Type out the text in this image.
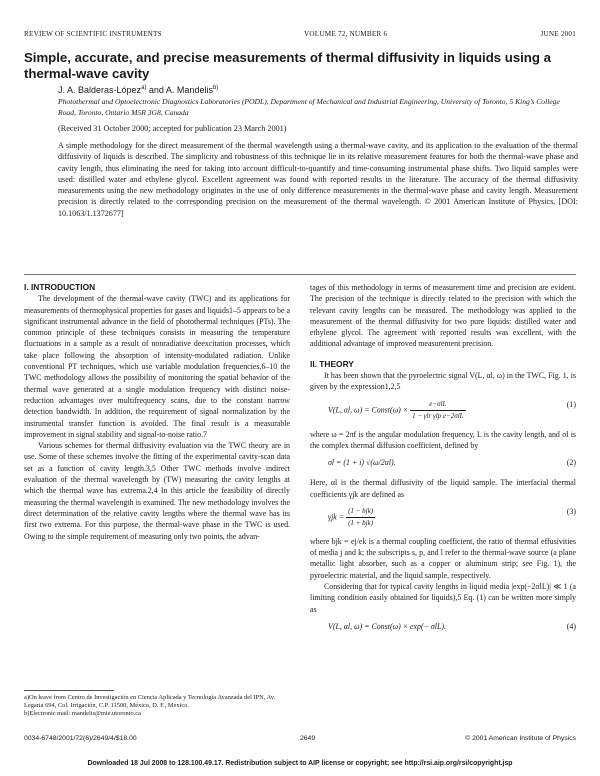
REVIEW OF SCIENTIFIC INSTRUMENTS	VOLUME 72, NUMBER 6	JUNE 2001
Simple, accurate, and precise measurements of thermal diffusivity in liquids using a thermal-wave cavity
J. A. Balderas-López$^{a)}$ and A. Mandelis$^{b)}$
Photothermal and Optoelectronic Diagnostics Laboratories (PODL), Department of Mechanical and Industrial Engineering, University of Toronto, 5 King’s College Road, Toronto, Ontario M5R 3G8, Canada
(Received 31 October 2000; accepted for publication 23 March 2001)

A simple methodology for the direct measurement of the thermal wavelength using a thermal-wave cavity, and its application to the evaluation of the thermal diffusivity of liquids is described. The simplicity and robustness of this technique lie in its relative measurement features for both the thermal-wave phase and cavity length, thus eliminating the need for taking into account difficult-to-quantify and time-consuming instrumental phase shifts. Two liquid samples were used: distilled water and ethylene glycol. Excellent agreement was found with reported results in the literature. The accuracy of the thermal diffusivity measurements using the new methodology originates in the use of only difference measurements in the thermal-wave phase and cavity length. Measurement precision is directly related to the corresponding precision on the measurement of the thermal wavelength. © 2001 American Institute of Physics. [DOI: 10.1063/1.1372677]

I. INTRODUCTION

The development of the thermal-wave cavity (TWC) and its applications for measurements of thermophysical properties for gases and liquids1–5 appears to be a significant instrumental advance in the field of photothermal techniques (PTs). The common principle of these techniques consists in measuring the temperature fluctuations in a sample as a result of nonradiative deexcitation processes, which take place following the absorption of intensity-modulated radiation. Unlike conventional PT techniques, which use variable modulation frequencies,6–10 the TWC methodology allows the possibility of monitoring the spatial behavior of the thermal wave generated at a single modulation frequency with distinct noise-reduction advantages over multifrequency scans, due to the constant narrow detection bandwidth. In addition, the requirement of signal normalization by the instrumental transfer function is avoided. The final result is a measurable improvement in signal stability and signal-to-noise ratio.7

Various schemes for thermal diffusivity evaluation via the TWC theory are in use. Some of these schemes involve the fitting of the experimental cavity-scan data set as a function of cavity length.3,5 Other TWC methods involve indirect evaluation of the thermal wavelength by (TW) measuring the cavity lengths at which the thermal wave has extrema.2,4 In this article the feasibility of directly measuring the thermal wavelength is examined. The new methodology involves the direct determination of the relative cavity lengths where the thermal wave has its first two extrema. For this purpose, the thermal-wave phase in the TWC is used. Owing to the simple requirement of measuring only two points, the advan-

tages of this methodology in terms of measurement time and precision are evident. The precision of the technique is directly related to the precision with which the relevant cavity lengths can be measured. The methodology was applied to the measurement of the thermal diffusivity for two pure liquids: distilled water and ethylene glycol. The agreement with reported results was excellent, with the additional advantage of improved measurement precision.

II. THEORY

It has been shown that the pyroelectric signal V(L, αl, ω) in the TWC, Fig. 1, is given by the expression1,2,5

V(L, αl, ω) = Const(ω) × $\frac{\text{e−σlL}}{\text{1 − γlr γlp e−2σlL}}$	(1)

where ω = 2πf is the angular modulation frequency, L is the cavity length, and σl is the complex thermal diffusion coefficient, defined by

σl = (1 + i) √(ω/2αl).	(2)

Here, αl is the thermal diffusivity of the liquid sample. The interfacial thermal coefficients γjk are defined as

$\gamma jk = \frac{\text{(1 − bjk)}}{\text{(1 + bjk)}}$	(3)

where bjk = ej/ek is a thermal coupling coefficient, the ratio of thermal effusivities of media j and k; the subscripts s, p, and l refer to the thermal-wave source (a plane metallic light absorber, such as a copper or aluminum strip; see Fig. 1), the pyroelectric material, and the liquid sample, respectively.

Considering that for typical cavity lengths in liquid media |exp(−2σlL)| ≪ 1 (a limiting condition easily obtained for liquids),5 Eq. (1) can be written more simply as

V(L, αl, ω) = Const(ω) × exp(− σlL).	(4)

a)On leave from Centro de Investigación en Ciencia Aplicada y Tecnología Avanzada del IPN, Av. Legaria 694, Col. Irrigación, C.P. 11500, México, D. F., Mexico.

b)Electronic mail: mandelis@mie.utoronto.ca

0034-6748/2001/72(6)/2649/4/$18.00	2649	© 2001 American Institute of Physics
Downloaded 18 Jul 2008 to 128.100.49.17. Redistribution subject to AIP license or copyright; see http://rsi.aip.org/rsi/copyright.jsp
